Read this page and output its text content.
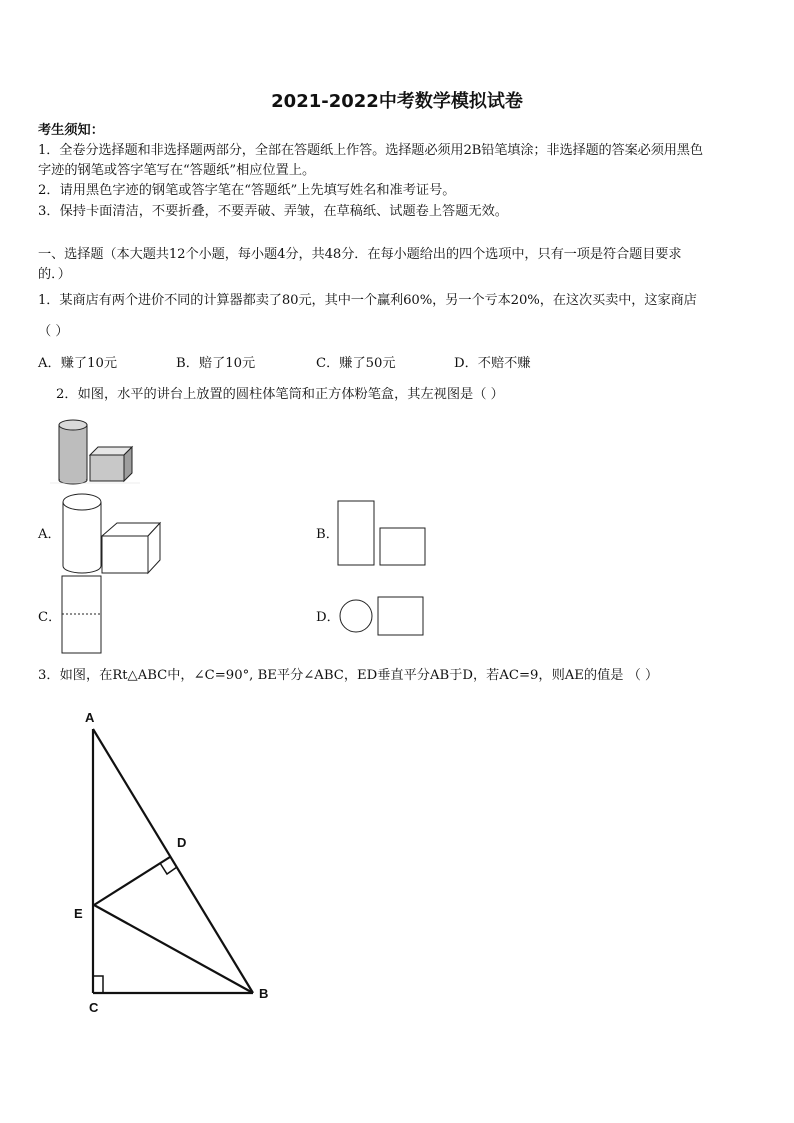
2021-2022中考数学模拟试卷
考生须知：
1．全卷分选择题和非选择题两部分，全部在答题纸上作答。选择题必须用2B铅笔填涂；非选择题的答案必须用黑色
字迹的钢笔或答字笔写在“答题纸”相应位置上。
2．请用黑色字迹的钢笔或答字笔在“答题纸”上先填写姓名和准考证号。
3．保持卡面清洁，不要折叠，不要弄破、弄皱，在草稿纸、试题卷上答题无效。
一、选择题（本大题共12个小题，每小题4分，共48分．在每小题给出的四个选项中，只有一项是符合题目要求
的．）
1．某商店有两个进价不同的计算器都卖了80元，其中一个赢利60%，另一个亏本20%，在这次买卖中，这家商店
（ ）
A．赚了10元	B．赔了10元	C．赚了50元	D．不赔不赚
2．如图，水平的讲台上放置的圆柱体笔筒和正方体粉笔盒，其左视图是（ ）
A．	B．
C．	D．
3．如图，在Rt△ABC中，∠C=90°, BE平分∠ABC，ED垂直平分AB于D，若AC=9，则AE的值是 （ ）
A
D
E
C
B
